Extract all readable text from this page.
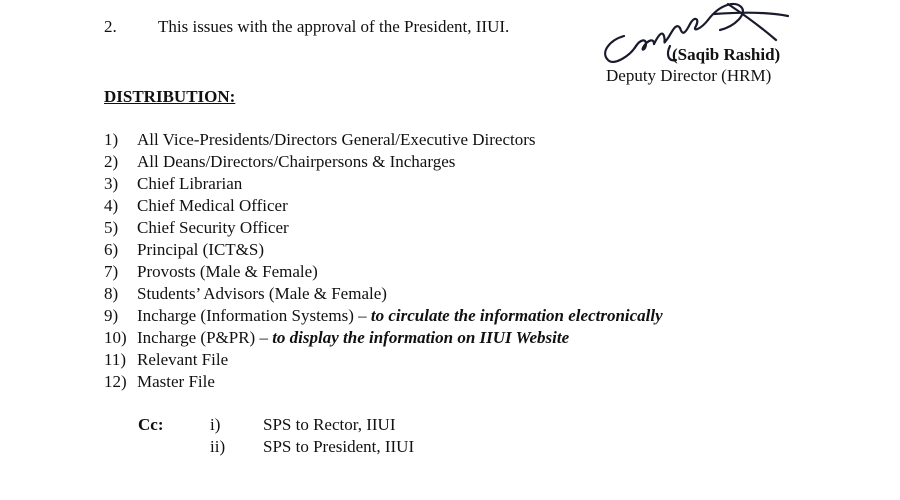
2. This issues with the approval of the President, IIUI.
(Saqib Rashid)
Deputy Director (HRM)
DISTRIBUTION:
1) All Vice-Presidents/Directors General/Executive Directors
2) All Deans/Directors/Chairpersons & Incharges
3) Chief Librarian
4) Chief Medical Officer
5) Chief Security Officer
6) Principal (ICT&S)
7) Provosts (Male & Female)
8) Students’ Advisors (Male & Female)
9) Incharge (Information Systems) – to circulate the information electronically
10) Incharge (P&PR) – to display the information on IIUI Website
11) Relevant File
12) Master File
Cc:	i)	SPS to Rector, IIUI
ii) SPS to President, IIUI
